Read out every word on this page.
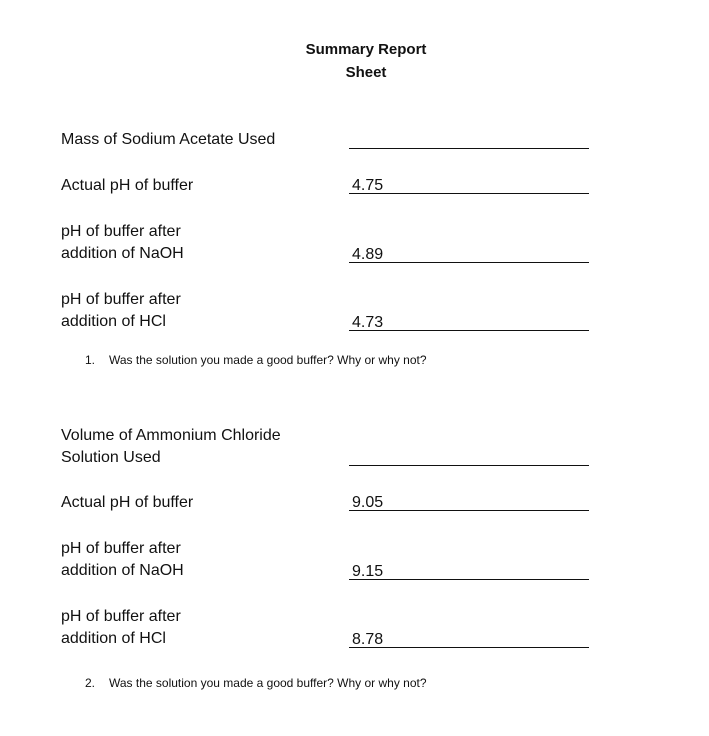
Summary Report
Sheet
Mass of Sodium Acetate Used
Actual pH of buffer	4.75
pH of buffer after
addition of NaOH	4.89
pH of buffer after
addition of HCl	4.73
1. Was the solution you made a good buffer? Why or why not?
Volume of Ammonium Chloride
Solution Used
Actual pH of buffer	9.05
pH of buffer after
addition of NaOH	9.15
pH of buffer after
addition of HCl	8.78
2. Was the solution you made a good buffer? Why or why not?
